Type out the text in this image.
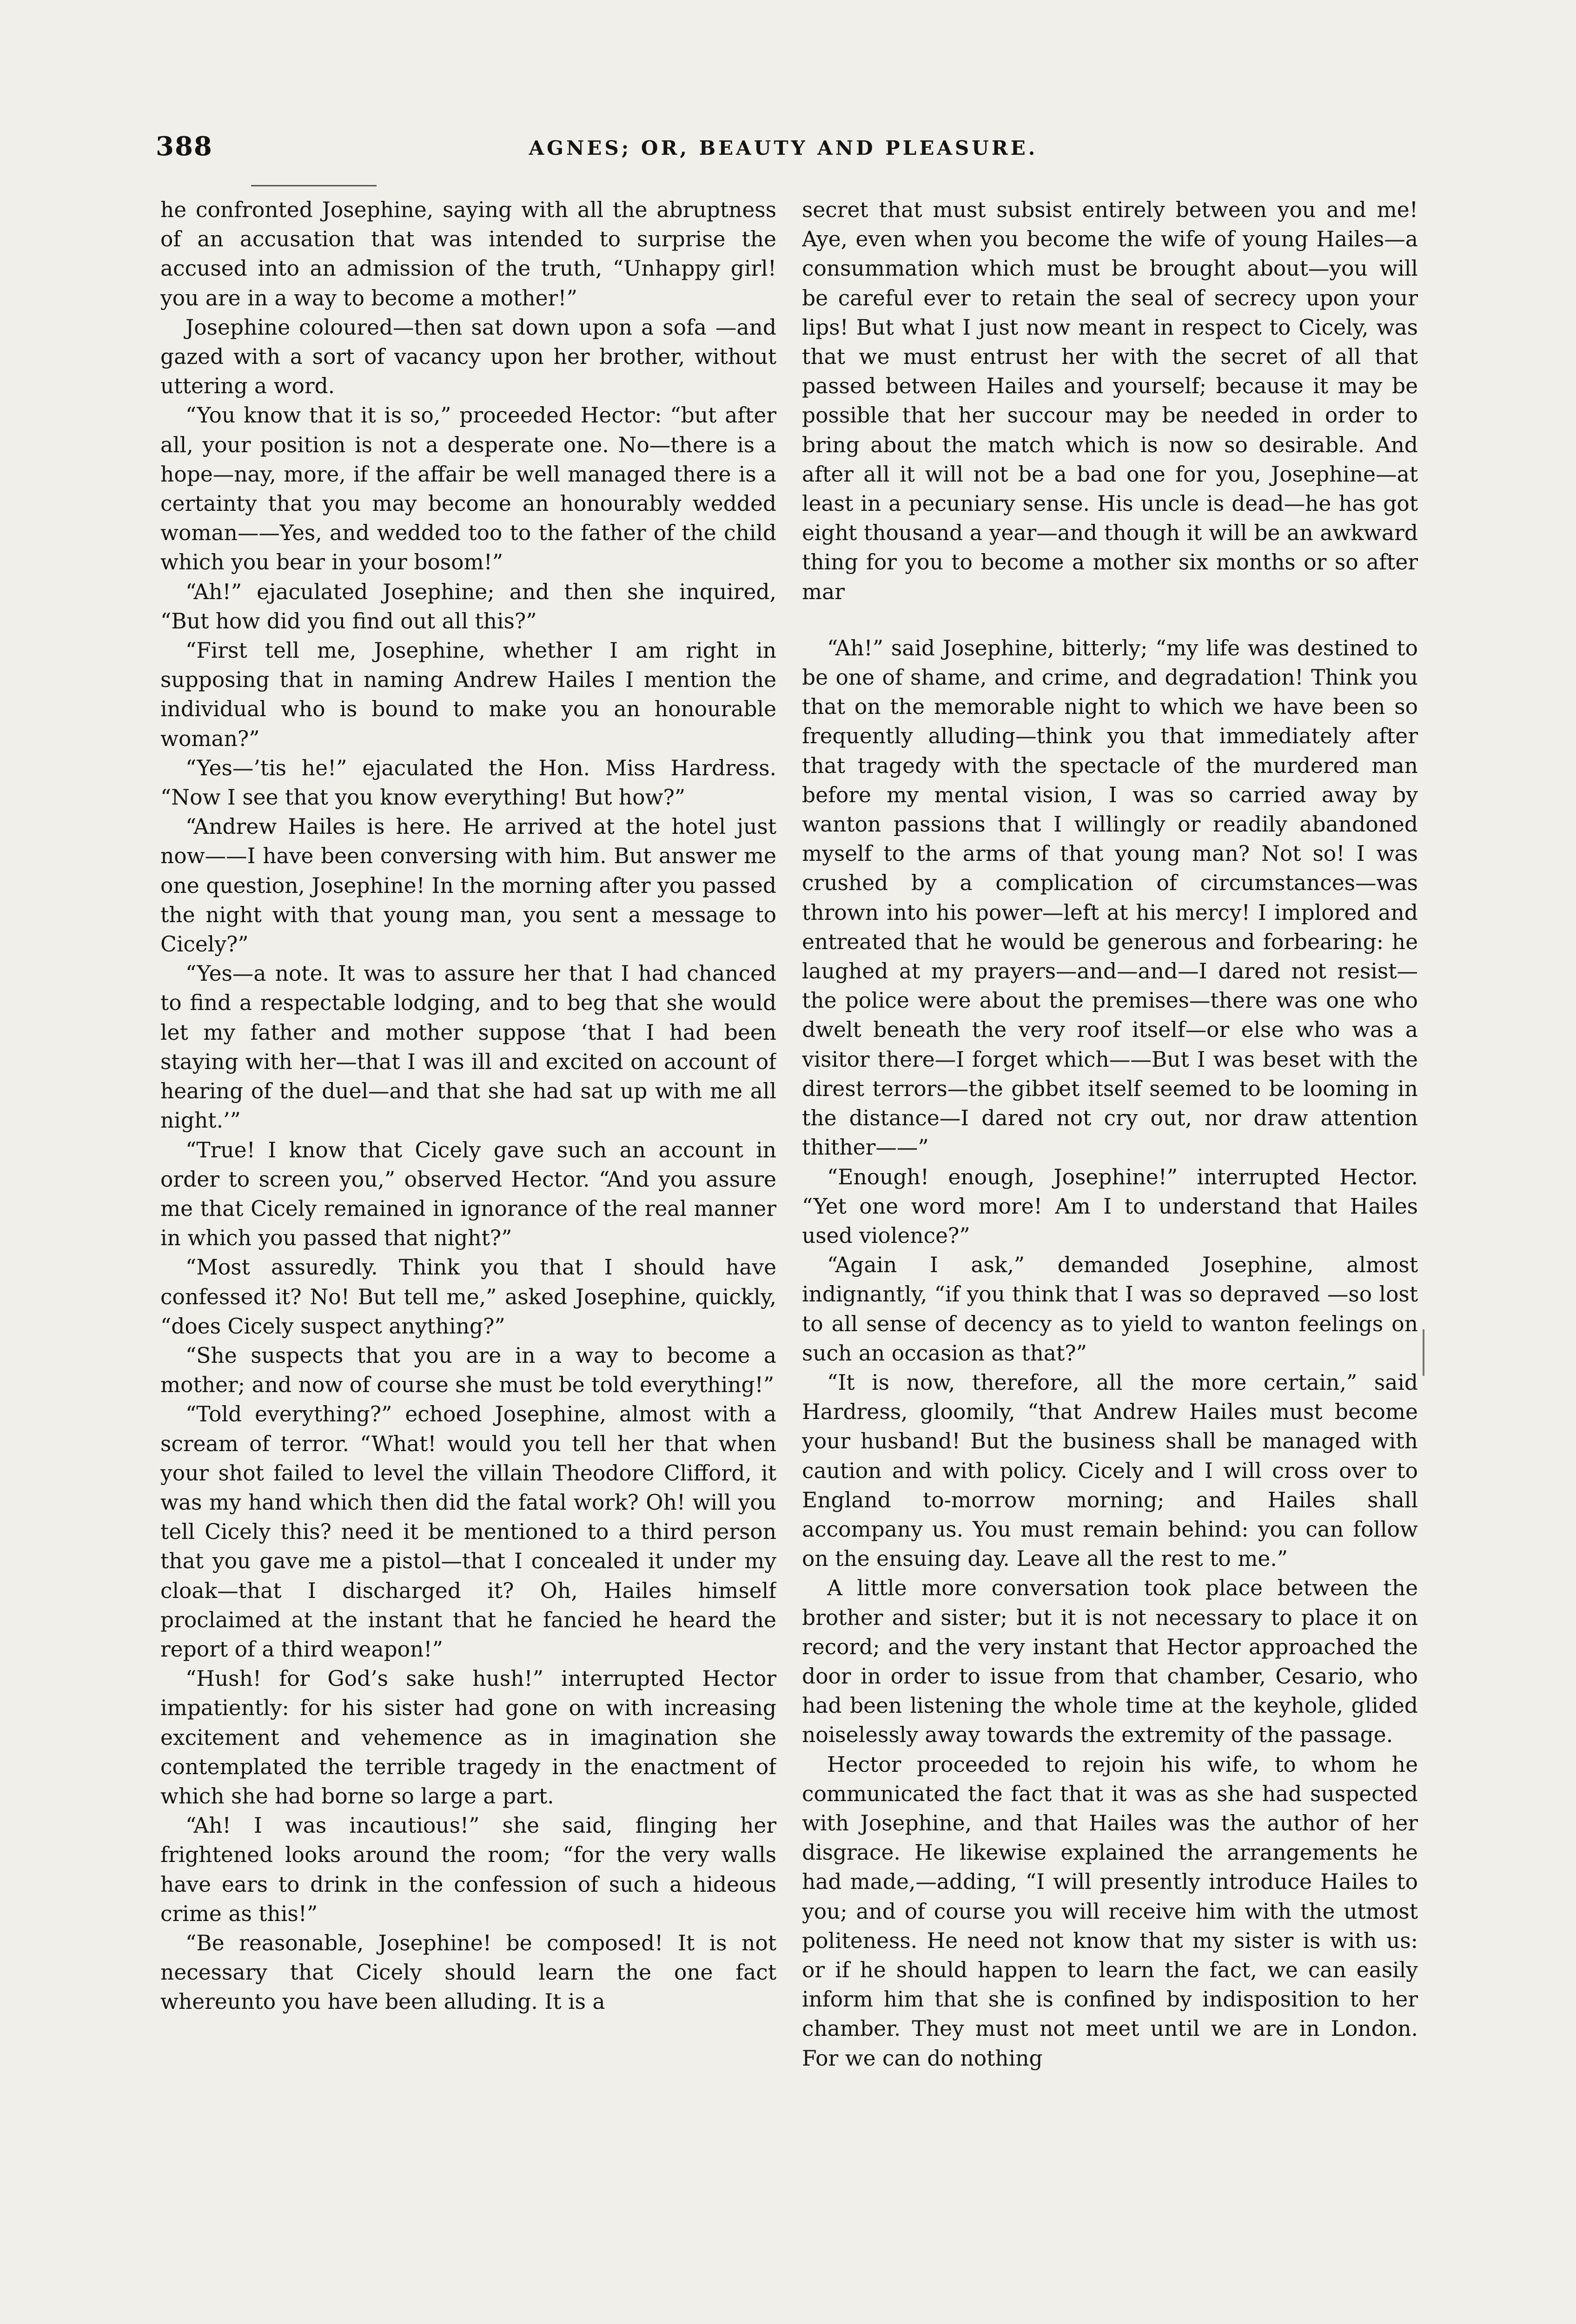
388	AGNES; OR, BEAUTY AND PLEASURE.

he confronted Josephine, saying with all the abruptness of an accusation that was intended to surprise the accused into an admission of the truth, “Unhappy girl! you are in a way to become a mother!”

Josephine coloured—then sat down upon a sofa —and gazed with a sort of vacancy upon her brother, without uttering a word.

“You know that it is so,” proceeded Hector: “but after all, your position is not a desperate one. No—there is a hope—nay, more, if the affair be well managed there is a certainty that you may become an honourably wedded woman——Yes, and wedded too to the father of the child which you bear in your bosom!”

“Ah!” ejaculated Josephine; and then she inquired, “But how did you find out all this?”

“First tell me, Josephine, whether I am right in supposing that in naming Andrew Hailes I mention the individual who is bound to make you an honourable woman?”

“Yes—’tis he!” ejaculated the Hon. Miss Hardress. “Now I see that you know everything! But how?”

“Andrew Hailes is here. He arrived at the hotel just now——I have been conversing with him. But answer me one question, Josephine! In the morning after you passed the night with that young man, you sent a message to Cicely?”

“Yes—a note. It was to assure her that I had chanced to find a respectable lodging, and to beg that she would let my father and mother suppose ‘that I had been staying with her—that I was ill and excited on account of hearing of the duel—and that she had sat up with me all night.’”

“True! I know that Cicely gave such an account in order to screen you,” observed Hector. “And you assure me that Cicely remained in ignorance of the real manner in which you passed that night?”

“Most assuredly. Think you that I should have confessed it? No! But tell me,” asked Josephine, quickly, “does Cicely suspect anything?”

“She suspects that you are in a way to become a mother; and now of course she must be told everything!”

“Told everything?” echoed Josephine, almost with a scream of terror. “What! would you tell her that when your shot failed to level the villain Theodore Clifford, it was my hand which then did the fatal work? Oh! will you tell Cicely this? need it be mentioned to a third person that you gave me a pistol—that I concealed it under my cloak—that I discharged it? Oh, Hailes himself proclaimed at the instant that he fancied he heard the report of a third weapon!”

“Hush! for God’s sake hush!” interrupted Hector impatiently: for his sister had gone on with increasing excitement and vehemence as in imagination she contemplated the terrible tragedy in the enactment of which she had borne so large a part.

“Ah! I was incautious!” she said, flinging her frightened looks around the room; “for the very walls have ears to drink in the confession of such a hideous crime as this!”

“Be reasonable, Josephine! be composed! It is not necessary that Cicely should learn the one fact whereunto you have been alluding. It is a

secret that must subsist entirely between you and me! Aye, even when you become the wife of young Hailes—a consummation which must be brought about—you will be careful ever to retain the seal of secrecy upon your lips! But what I just now meant in respect to Cicely, was that we must entrust her with the secret of all that passed between Hailes and yourself; because it may be possible that her succour may be needed in order to bring about the match which is now so desirable. And after all it will not be a bad one for you, Josephine—at least in a pecuniary sense. His uncle is dead—he has got eight thousand a year—and though it will be an awkward thing for you to become a mother six months or so after mar

“Ah!” said Josephine, bitterly; “my life was destined to be one of shame, and crime, and degradation! Think you that on the memorable night to which we have been so frequently alluding—think you that immediately after that tragedy with the spectacle of the murdered man before my mental vision, I was so carried away by wanton passions that I willingly or readily abandoned myself to the arms of that young man? Not so! I was crushed by a complication of circumstances—was thrown into his power—left at his mercy! I implored and entreated that he would be generous and forbearing: he laughed at my prayers—and—and—I dared not resist—the police were about the premises—there was one who dwelt beneath the very roof itself—or else who was a visitor there—I forget which——But I was beset with the direst terrors—the gibbet itself seemed to be looming in the distance—I dared not cry out, nor draw attention thither——”

“Enough! enough, Josephine!” interrupted Hector. “Yet one word more! Am I to understand that Hailes used violence?”

“Again I ask,” demanded Josephine, almost indignantly, “if you think that I was so depraved —so lost to all sense of decency as to yield to wanton feelings on such an occasion as that?”

“It is now, therefore, all the more certain,” said Hardress, gloomily, “that Andrew Hailes must become your husband! But the business shall be managed with caution and with policy. Cicely and I will cross over to England to-morrow morning; and Hailes shall accompany us. You must remain behind: you can follow on the ensuing day. Leave all the rest to me.”

A little more conversation took place between the brother and sister; but it is not necessary to place it on record; and the very instant that Hector approached the door in order to issue from that chamber, Cesario, who had been listening the whole time at the keyhole, glided noiselessly away towards the extremity of the passage.

Hector proceeded to rejoin his wife, to whom he communicated the fact that it was as she had suspected with Josephine, and that Hailes was the author of her disgrace. He likewise explained the arrangements he had made,—adding, “I will presently introduce Hailes to you; and of course you will receive him with the utmost politeness. He need not know that my sister is with us: or if he should happen to learn the fact, we can easily inform him that she is confined by indisposition to her chamber. They must not meet until we are in London. For we can do nothing
